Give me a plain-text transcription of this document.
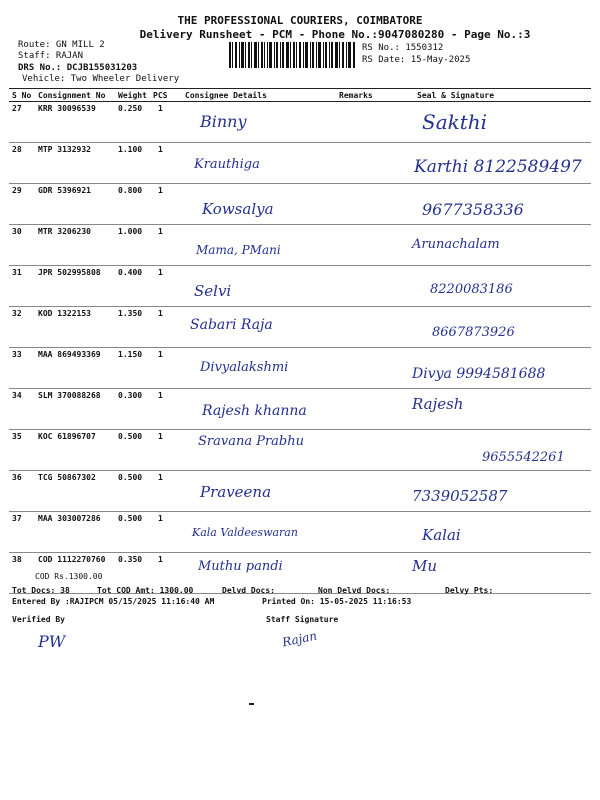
THE PROFESSIONAL COURIERS, COIMBATORE
Delivery Runsheet - PCM - Phone No.:9047080280 - Page No.:3
Route: GN MILL 2
Staff: RAJAN
DRS No.: DCJB155031203
Vehicle: Two Wheeler Delivery
RS No.: 1550312
RS Date: 15-May-2025
S No	Consignment No	Weight	PCS	Consignee Details	Remarks	Seal & Signature
27	KRR 30096539	0.250	1	Binny		Sakthi

28	MTP 3132932	1.100	1	Krauthiga		Karthi 8122589497

29	GDR 5396921	0.800	1	Kowsalya		9677358336

30	MTR 3206230	1.000	1	Mama, PMani		Arunachalam

31	JPR 502995808	0.400	1	Selvi		8220083186

32	KOD 1322153	1.350	1	Sabari Raja		8667873926

33	MAA 869493369	1.150	1	Divyalakshmi		Divya 9994581688

34	SLM 370088268	0.300	1	Rajesh khanna		Rajesh

35	KOC 61896707	0.500	1	Sravana Prabhu		9655542261

36	TCG 50867302	0.500	1	Praveena		7339052587

37	MAA 303007286	0.500	1	Kala Valdeeswaran		Kalai

38	COD 1112270760	0.350	1	Muthu pandi		Mu
COD Rs.1300.00
Tot Docs: 38	Tot COD Amt: 1300.00	Delvd Docs:	Non Delvd Docs:	Delvy Pts:
Entered By :RAJIPCM 05/15/2025 11:16:40 AM	Printed On: 15-05-2025 11:16:53
Verified By	Staff Signature
PW	Rajan
